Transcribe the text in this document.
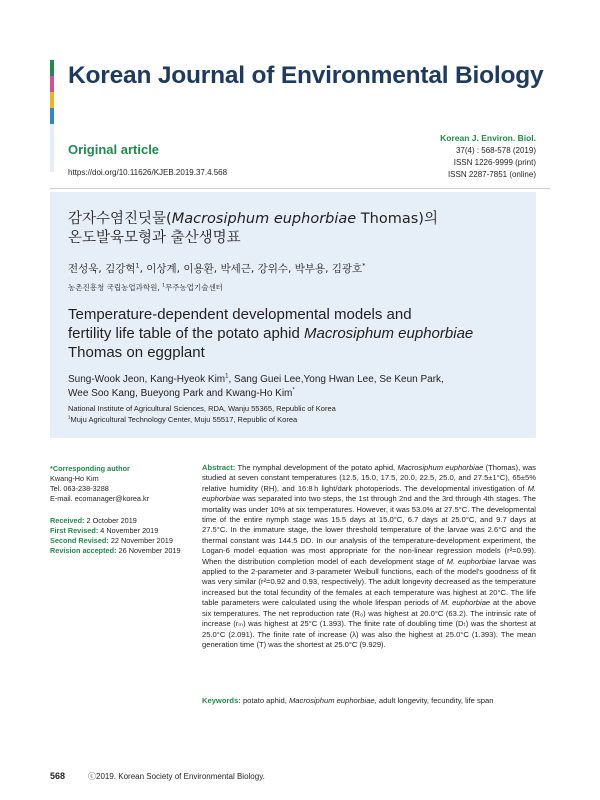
Korean Journal of Environmental Biology
Original article
https://doi.org/10.11626/KJEB.2019.37.4.568
Korean J. Environ. Biol.
37(4) : 568-578 (2019)
ISSN 1226-9999 (print)
ISSN 2287-7851 (online)
감자수염진딧물(Macrosiphum euphorbiae Thomas)의
온도발육모형과 출산생명표
전성욱, 김강혁$^1$, 이상계, 이용환, 박세근, 강위수, 박부용, 김광호*
농촌진흥청 국립농업과학원, $^1$무주농업기술센터
Temperature-dependent developmental models and
fertility life table of the potato aphid Macrosiphum euphorbiae
Thomas on eggplant
Sung-Wook Jeon, Kang-Hyeok Kim$^1$, Sang Guei Lee,Yong Hwan Lee, Se Keun Park,
Wee Soo Kang, Bueyong Park and Kwang-Ho Kim*
National Institute of Agricultural Sciences, RDA, Wanju 55365, Republic of Korea
$^1$Muju Agricultural Technology Center, Muju 55517, Republic of Korea
*Corresponding author
Kwang-Ho Kim
Tel. 063-238-3288
E-mail. ecomanager@korea.kr
Received: 2 October 2019
First Revised: 4 November 2019
Second Revised: 22 November 2019
Revision accepted: 26 November 2019
Abstract: The nymphal development of the potato aphid, Macrosiphum euphorbiae (Thomas), was studied at seven constant temperatures (12.5, 15.0, 17.5, 20.0, 22.5, 25.0, and 27.5±1°C), 65±5% relative humidity (RH), and 16:8 h light/dark photoperiods. The developmental investigation of M. euphorbiae was separated into two steps, the 1st through 2nd and the 3rd through 4th stages. The mortality was under 10% at six temperatures. However, it was 53.0% at 27.5°C. The developmental time of the entire nymph stage was 15.5 days at 15.0°C, 6.7 days at 25.0°C, and 9.7 days at 27.5°C. In the immature stage, the lower threshold temperature of the larvae was 2.6°C and the thermal constant was 144.5 DD. In our analysis of the temperature-development experiment, the Logan-6 model equation was most appropriate for the non-linear regression models (r²=0.99). When the distribution completion model of each development stage of M. euphorbiae larvae was applied to the 2-parameter and 3-parameter Weibull functions, each of the model’s goodness of fit was very similar (r²=0.92 and 0.93, respectively). The adult longevity decreased as the temperature increased but the total fecundity of the females at each temperature was highest at 20°C. The life table parameters were calculated using the whole lifespan periods of M. euphorbiae at the above six temperatures. The net reproduction rate (R₀) was highest at 20.0°C (63.2). The intrinsic rate of increase (rₘ) was highest at 25°C (1.393). The finite rate of doubling time (Dₜ) was the shortest at 25.0°C (2.091). The finite rate of increase (λ) was also the highest at 25.0°C (1.393). The mean generation time (T) was the shortest at 25.0°C (9.929).
Keywords: potato aphid, Macrosiphum euphorbiae, adult longevity, fecundity, life span
568	ⓒ2019. Korean Society of Environmental Biology.
